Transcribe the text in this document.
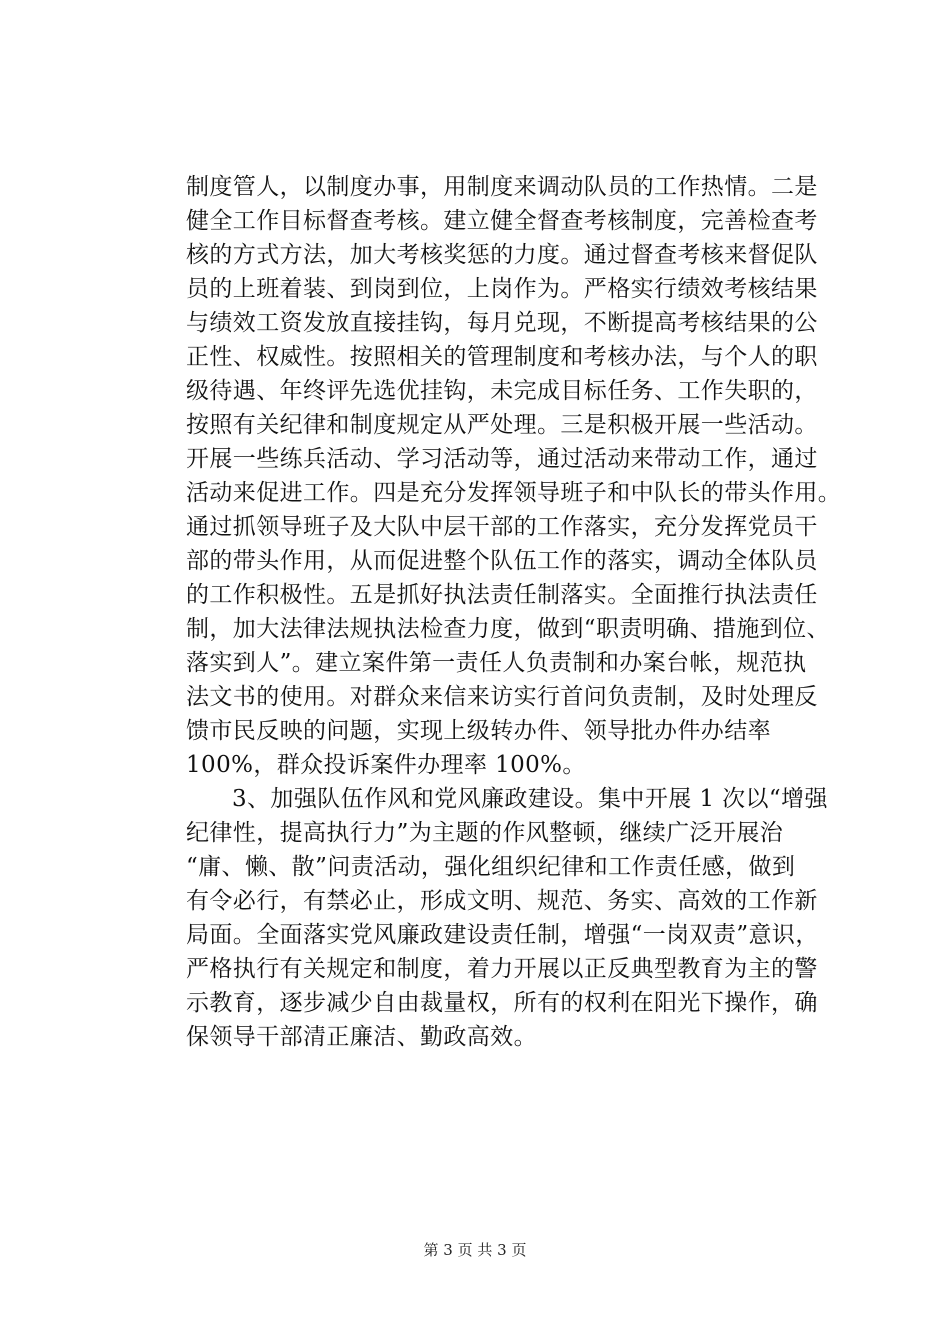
制度管人，以制度办事，用制度来调动队员的工作热情。二是
健全工作目标督查考核。建立健全督查考核制度，完善检查考
核的方式方法，加大考核奖惩的力度。通过督查考核来督促队
员的上班着装、到岗到位，上岗作为。严格实行绩效考核结果
与绩效工资发放直接挂钩，每月兑现，不断提高考核结果的公
正性、权威性。按照相关的管理制度和考核办法，与个人的职
级待遇、年终评先选优挂钩，未完成目标任务、工作失职的，
按照有关纪律和制度规定从严处理。三是积极开展一些活动。
开展一些练兵活动、学习活动等，通过活动来带动工作，通过
活动来促进工作。四是充分发挥领导班子和中队长的带头作用。
通过抓领导班子及大队中层干部的工作落实，充分发挥党员干
部的带头作用，从而促进整个队伍工作的落实，调动全体队员
的工作积极性。五是抓好执法责任制落实。全面推行执法责任
制，加大法律法规执法检查力度，做到“职责明确、措施到位、
落实到人”。建立案件第一责任人负责制和办案台帐，规范执
法文书的使用。对群众来信来访实行首问负责制，及时处理反
馈市民反映的问题，实现上级转办件、领导批办件办结率
100%，群众投诉案件办理率 100%。
3、加强队伍作风和党风廉政建设。集中开展 1 次以“增强
纪律性，提高执行力”为主题的作风整顿，继续广泛开展治
“庸、懒、散”问责活动，强化组织纪律和工作责任感，做到
有令必行，有禁必止，形成文明、规范、务实、高效的工作新
局面。全面落实党风廉政建设责任制，增强“一岗双责”意识，
严格执行有关规定和制度，着力开展以正反典型教育为主的警
示教育，逐步减少自由裁量权，所有的权利在阳光下操作，确
保领导干部清正廉洁、勤政高效。
第 3 页 共 3 页
